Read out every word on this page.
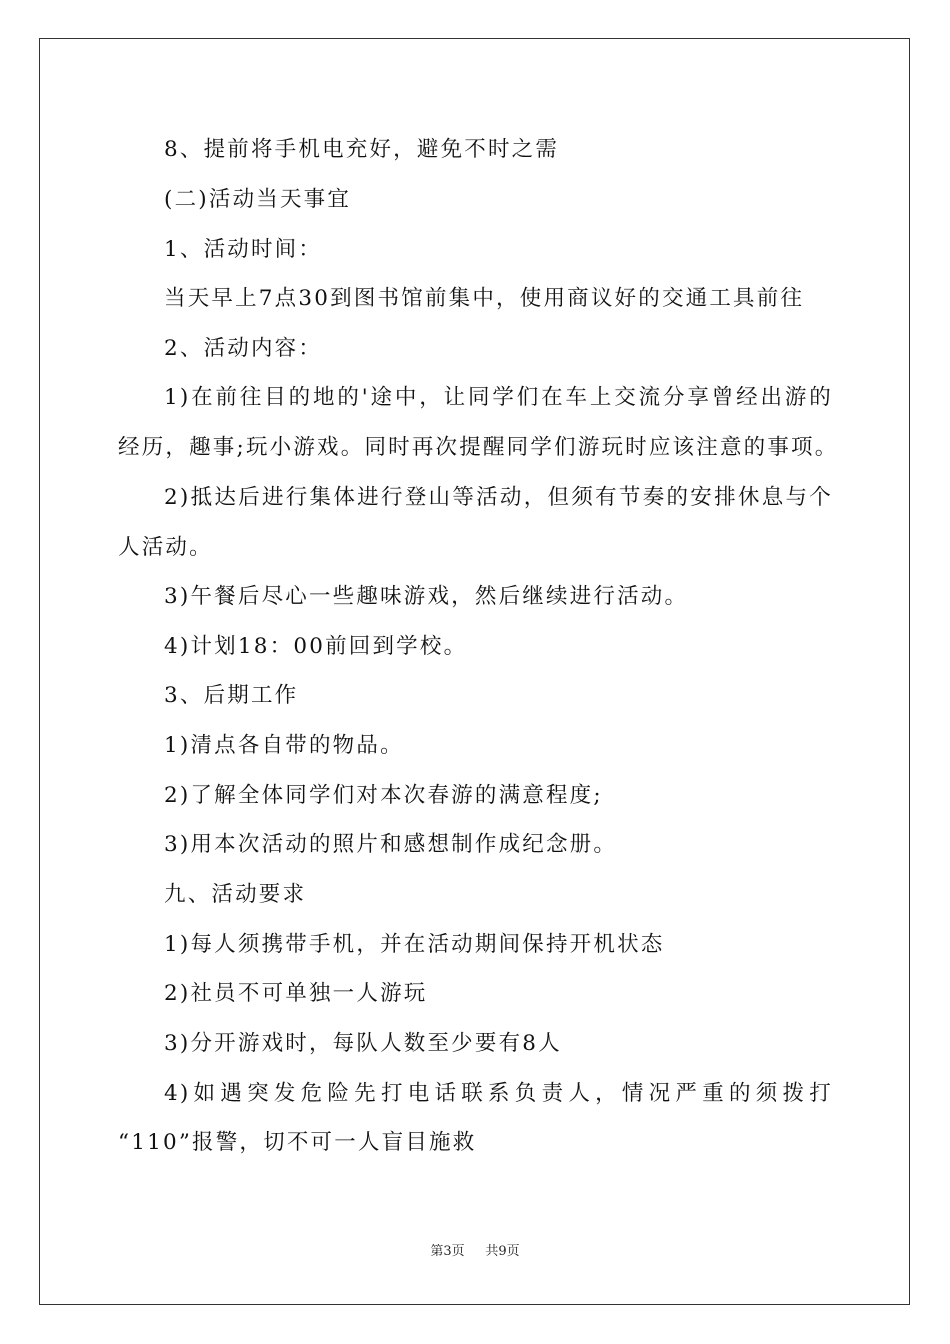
8、提前将手机电充好，避免不时之需
(二)活动当天事宜
1、活动时间：
当天早上7点30到图书馆前集中，使用商议好的交通工具前往
2、活动内容：
1)在前往目的地的'途中，让同学们在车上交流分享曾经出游的
经历，趣事;玩小游戏。同时再次提醒同学们游玩时应该注意的事项。
2)抵达后进行集体进行登山等活动，但须有节奏的安排休息与个
人活动。
3)午餐后尽心一些趣味游戏，然后继续进行活动。
4)计划18：00前回到学校。
3、后期工作
1)清点各自带的物品。
2)了解全体同学们对本次春游的满意程度;
3)用本次活动的照片和感想制作成纪念册。
九、活动要求
1)每人须携带手机，并在活动期间保持开机状态
2)社员不可单独一人游玩
3)分开游戏时，每队人数至少要有8人
4)如遇突发危险先打电话联系负责人，情况严重的须拨打
“110”报警，切不可一人盲目施救
第3页 共9页
